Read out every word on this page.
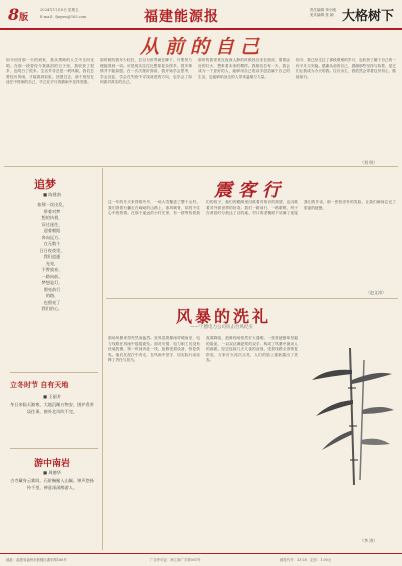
8版
2024年11月8日 星期五
E-mail：fjnyxw@163.com	福建能源报	责任编辑 李小刚
美术编辑 张 颖 大格树下
从前的自己
如今回首那一天的到来，我从黑暗的人生中走向光明。在那一段曾经令我落泪的日子里，我收获了很多，也明白了很多。生活并非总是一帆风顺，我们总要经历风雨，才能看到彩虹。回望过去，那个曾经在迷茫中徘徊的自己，早已在岁月的磨砺中变得坚强。
那时候的我年少轻狂，总以为世界就在脚下，只要努力便能得到一切。可是现实往往比想象复杂得多，很多事情并不能如愿。在一次次挫折面前，我开始学会思考，学会沉淀，学会在失败中寻找前进的方向，也学会了如何面对真实的自己。
那时的我常常在夜深人静的时候独自坐在窗前，望着远处的灯火，想象着未来的模样。我相信总有一天，我会成为一个更好的人，能够用自己的双手创造属于自己的生活，也能够给身边的人带来温暖与力量。
如今，我已经走过了那段艰难的岁月，也收获了属于自己的一份平凡与安稳。感谢从前的自己，感谢那些坚持与执着，是它们让我成为今天的我。往后余生，我依然会带着这份初心，继续前行。
（刘 明）
追梦
■ 陈建南
如那一次出发，
带着对梦
想的执着，
穿过迷茫，
迎着朝阳
奔向远方。
在无数个
日日夜夜里，
我们追逐
光亮，
不曾放弃，
一路向前。
梦想是灯，
照亮前行
的路，
也照亮了
我们的心。
立冬时节 自有天地
■ 王丽芳
冬日来临天渐寒，大地沉睡万物安。围炉煮茶谈往事，窗外北风吹不完。
游中南岩
■ 周德华
古寺藏身云雾间，石阶蜿蜒入山巅。钟声悠扬传千里，禅意深深醉游人。
震客行
这一年的冬天来得格外早，一场大雪覆盖了整个山村。我们背着行囊走在崎岖的山路上，寒风刺骨，却挡不住心中的热情。在那个遥远的小村庄里，有一群等待着我们的孩子，他们的眼睛里闪烁着对知识的渴望，也闪烁着对外面世界的好奇。我们一路前行，一路歌唱，终于在黄昏时分抵达了目的地。村口的老槐树下站满了迎接我们的乡亲，那一张张淳朴的笑脸，让我们瞬间忘记了旅途的疲惫。
（赵文涛）
风暴的洗礼
——宁德电力公司抗击台风纪实
那场风暴来得突然而猛烈。狂风卷着暴雨呼啸而至，电力线路在风雨中摇摇欲坠。面对灾情，电力职工们没有丝毫犹豫，第一时间奔赴一线，抢修受损设备，恢复供电。他们在泥泞中奔走，在风雨中坚守，用实际行动诠释了责任与担当。
夜幕降临，抢修现场依然灯火通明。一张张疲惫却坚毅的脸庞，一双双沾满泥浆的双手，构成了风暴中最动人的画面。经过连续几天几夜的奋战，受损线路全部恢复供电，万家灯火再次点亮，人们的脸上重新露出了笑容。
（李 涛）
地址：福建省福州市鼓楼区湖东路168号	广告许可证：闽工商广字第001号	邮发代号：33-26　定价：1.00元
